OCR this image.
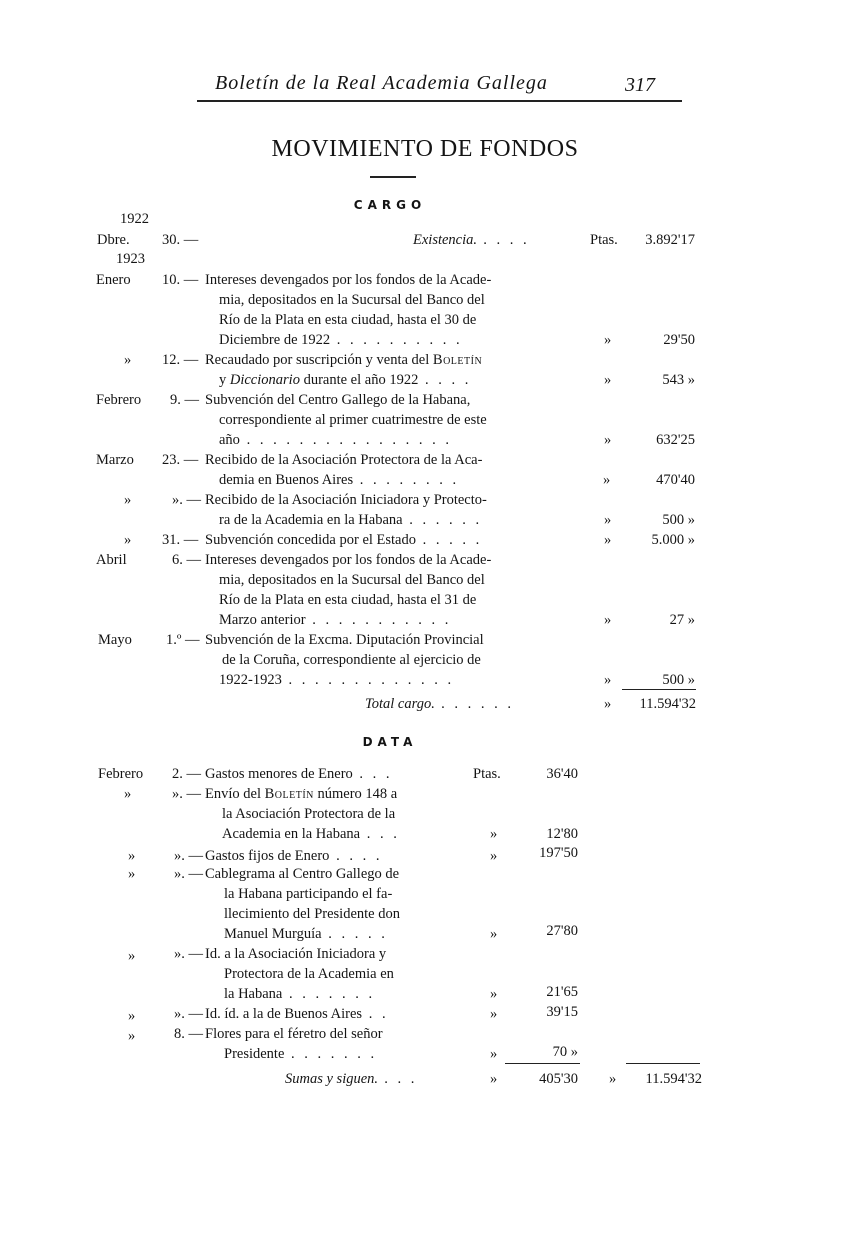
Boletín de la Real Academia Gallega	317
MOVIMIENTO DE FONDOS
CARGO
1922
Dbre. 30. —	Existencia. . . . .	Ptas.	3.892'17
1923
Enero 10. — Intereses devengados por los fondos de la Acade-
mia, depositados en la Sucursal del Banco del
Río de la Plata en esta ciudad, hasta el 30 de
Diciembre de 1922 . . . . . . . . . .	»	29'50
» 12. — Recaudado por suscripción y venta del Boletín
y Diccionario durante el año 1922 . . . .	»	543 »
Febrero 9. — Subvención del Centro Gallego de la Habana,
correspondiente al primer cuatrimestre de este
año . . . . . . . . . . . . . . . .	»	632'25
Marzo 23. — Recibido de la Asociación Protectora de la Aca-
demia en Buenos Aires . . . . . . . .	»	470'40
»	». — Recibido de la Asociación Iniciadora y Protecto-
ra de la Academia en la Habana . . . . . .	»	500 »
» 31. — Subvención concedida por el Estado . . . . .	»	5.000 »
Abril	6. — Intereses devengados por los fondos de la Acade-
mia, depositados en la Sucursal del Banco del
Río de la Plata en esta ciudad, hasta el 31 de
Marzo anterior . . . . . . . . . . .	»	27 »
Mayo 1.º — Subvención de la Excma. Diputación Provincial
de la Coruña, correspondiente al ejercicio de
1922-1923 . . . . . . . . . . . . .	»	500 »
Total cargo. . . . . . .	»	11.594'32
DATA
Febrero 2. — Gastos menores de Enero . . .	Ptas.	36'40
»	». — Envío del Boletín número 148 a
la Asociación Protectora de la
Academia en la Habana . . .	»	12'80
»	». — Gastos fijos de Enero . . . .	»	197'50
»	». — Cablegrama al Centro Gallego de
la Habana participando el fa-
llecimiento del Presidente don
Manuel Murguía . . . . .	»	27'80
»	». — Id. a la Asociación Iniciadora y
Protectora de la Academia en
la Habana . . . . . . .	»	21'65
»	». — Id. íd. a la de Buenos Aires . .	»	39'15
»	8. — Flores para el féretro del señor
Presidente . . . . . . .	»	70 »
Sumas y siguen. . . .	»	405'30 »	11.594'32
